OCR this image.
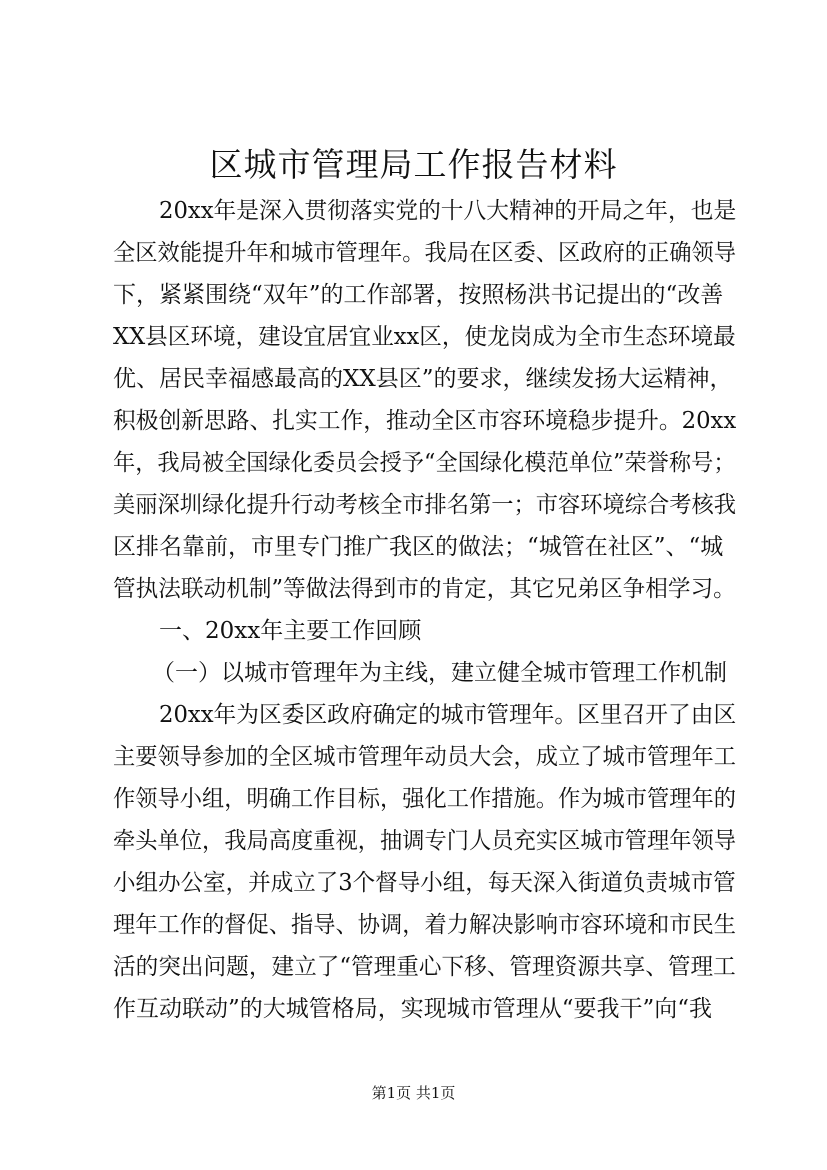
区城市管理局工作报告材料
20xx年是深入贯彻落实党的十八大精神的开局之年，也是
全区效能提升年和城市管理年。我局在区委、区政府的正确领导
下，紧紧围绕“双年”的工作部署，按照杨洪书记提出的“改善
XX县区环境，建设宜居宜业xx区，使龙岗成为全市生态环境最
优、居民幸福感最高的XX县区”的要求，继续发扬大运精神，
积极创新思路、扎实工作，推动全区市容环境稳步提升。20xx
年，我局被全国绿化委员会授予“全国绿化模范单位”荣誉称号；
美丽深圳绿化提升行动考核全市排名第一；市容环境综合考核我
区排名靠前，市里专门推广我区的做法；“城管在社区”、“城
管执法联动机制”等做法得到市的肯定，其它兄弟区争相学习。
一、20xx年主要工作回顾
（一）以城市管理年为主线，建立健全城市管理工作机制
20xx年为区委区政府确定的城市管理年。区里召开了由区
主要领导参加的全区城市管理年动员大会，成立了城市管理年工
作领导小组，明确工作目标，强化工作措施。作为城市管理年的
牵头单位，我局高度重视，抽调专门人员充实区城市管理年领导
小组办公室，并成立了3个督导小组，每天深入街道负责城市管
理年工作的督促、指导、协调，着力解决影响市容环境和市民生
活的突出问题，建立了“管理重心下移、管理资源共享、管理工
作互动联动”的大城管格局，实现城市管理从“要我干”向“我
第1页 共1页
